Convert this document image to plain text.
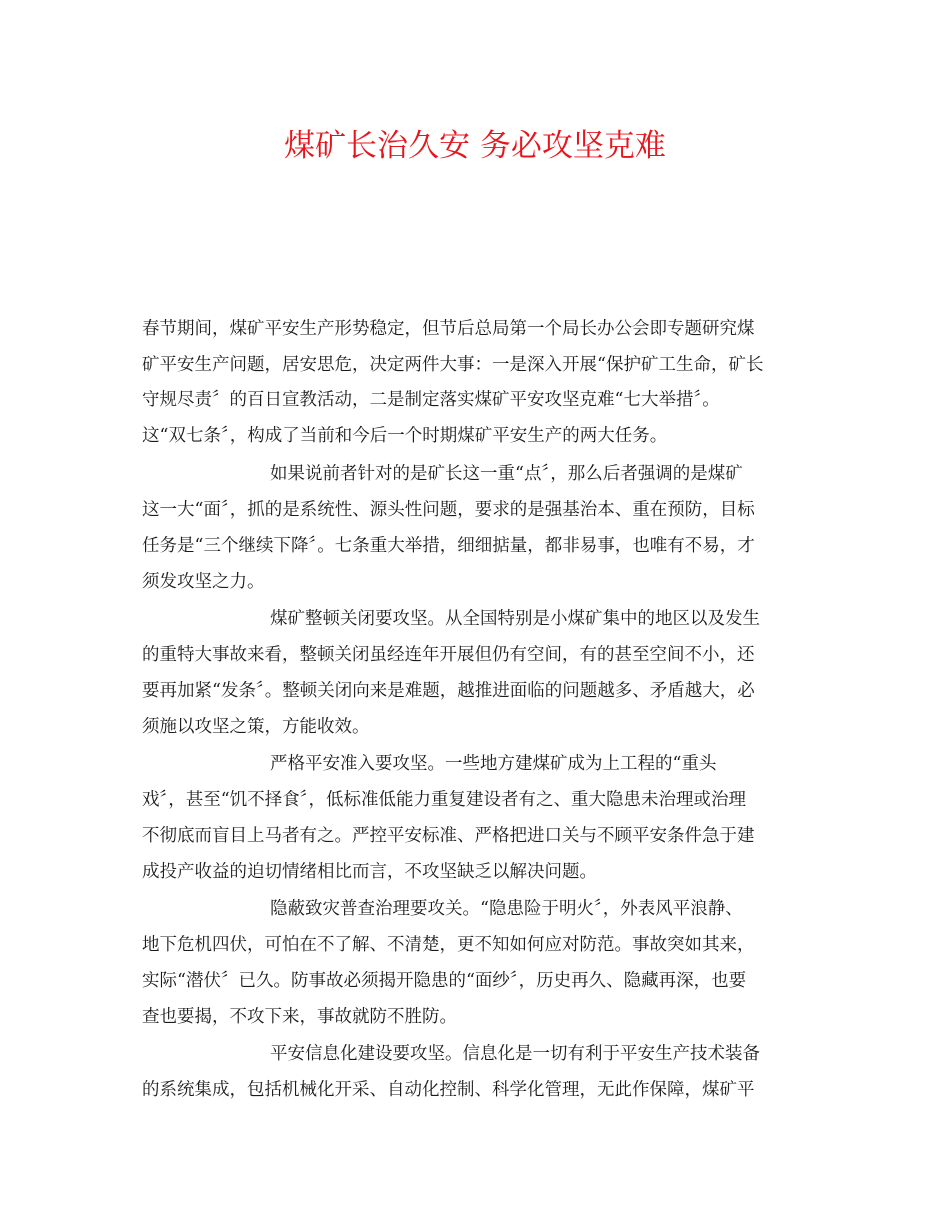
煤矿长治久安 务必攻坚克难
春节期间，煤矿平安生产形势稳定，但节后总局第一个局长办公会即专题研究煤
矿平安生产问题，居安思危，决定两件大事：一是深入开展“保护矿工生命，矿长
守规尽责〞的百日宣教活动，二是制定落实煤矿平安攻坚克难“七大举措〞。
这“双七条〞，构成了当前和今后一个时期煤矿平安生产的两大任务。
如果说前者针对的是矿长这一重“点〞，那么后者强调的是煤矿
这一大“面〞，抓的是系统性、源头性问题，要求的是强基治本、重在预防，目标
任务是“三个继续下降〞。七条重大举措，细细掂量，都非易事，也唯有不易，才
须发攻坚之力。
煤矿整顿关闭要攻坚。从全国特别是小煤矿集中的地区以及发生
的重特大事故来看，整顿关闭虽经连年开展但仍有空间，有的甚至空间不小，还
要再加紧“发条〞。整顿关闭向来是难题，越推进面临的问题越多、矛盾越大，必
须施以攻坚之策，方能收效。
严格平安准入要攻坚。一些地方建煤矿成为上工程的“重头
戏〞，甚至“饥不择食〞，低标准低能力重复建设者有之、重大隐患未治理或治理
不彻底而盲目上马者有之。严控平安标准、严格把进口关与不顾平安条件急于建
成投产收益的迫切情绪相比而言，不攻坚缺乏以解决问题。
隐蔽致灾普查治理要攻关。“隐患险于明火〞，外表风平浪静、
地下危机四伏，可怕在不了解、不清楚，更不知如何应对防范。事故突如其来，
实际“潜伏〞已久。防事故必须揭开隐患的“面纱〞，历史再久、隐藏再深，也要
查也要揭，不攻下来，事故就防不胜防。
平安信息化建设要攻坚。信息化是一切有利于平安生产技术装备
的系统集成，包括机械化开采、自动化控制、科学化管理，无此作保障，煤矿平
